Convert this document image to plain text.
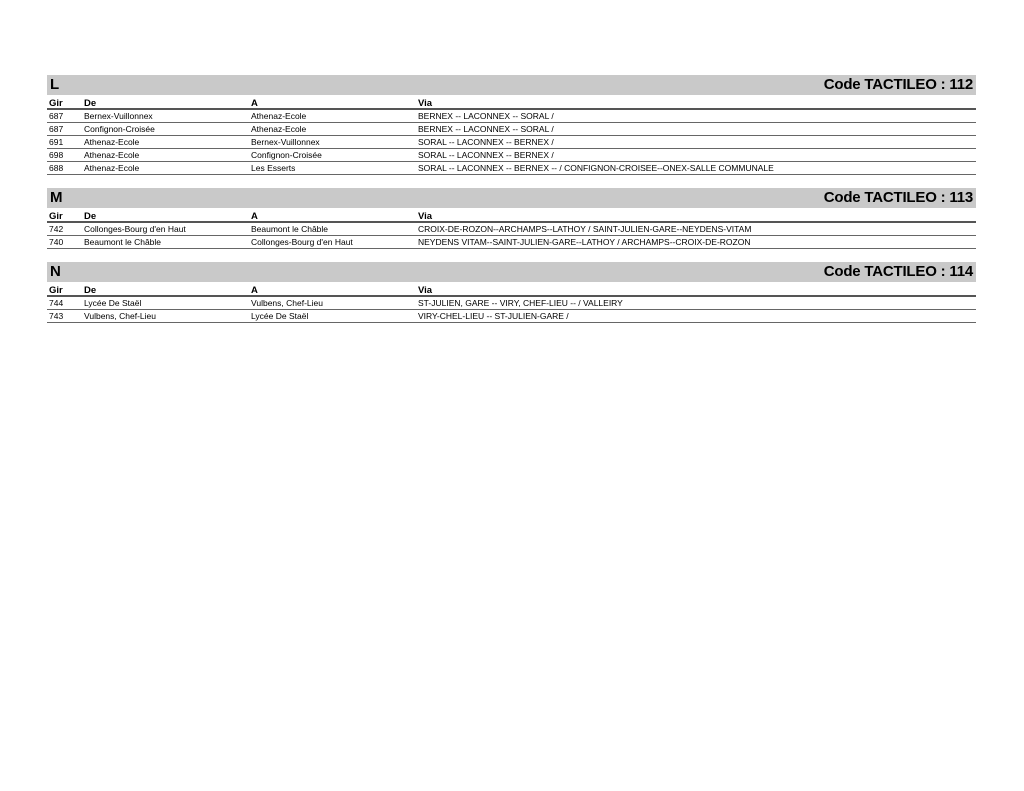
L	Code TACTILEO : 112
Gir	De	A	Via
687	Bernex-Vuillonnex	Athenaz-Ecole	BERNEX -- LACONNEX -- SORAL /
687	Confignon-Croisée	Athenaz-Ecole	BERNEX -- LACONNEX -- SORAL /
691	Athenaz-Ecole	Bernex-Vuillonnex	SORAL -- LACONNEX -- BERNEX /
698	Athenaz-Ecole	Confignon-Croisée	SORAL -- LACONNEX -- BERNEX /
688	Athenaz-Ecole	Les Esserts	SORAL -- LACONNEX -- BERNEX -- / CONFIGNON-CROISEE--ONEX-SALLE COMMUNALE
M	Code TACTILEO : 113
Gir	De	A	Via
742	Collonges-Bourg d'en Haut	Beaumont le Châble	CROIX-DE-ROZON--ARCHAMPS--LATHOY / SAINT-JULIEN-GARE--NEYDENS-VITAM
740	Beaumont le Châble	Collonges-Bourg d'en Haut	NEYDENS VITAM--SAINT-JULIEN-GARE--LATHOY / ARCHAMPS--CROIX-DE-ROZON
N	Code TACTILEO : 114
Gir	De	A	Via
744	Lycée De Staël	Vulbens, Chef-Lieu	ST-JULIEN, GARE -- VIRY, CHEF-LIEU -- / VALLEIRY
743	Vulbens, Chef-Lieu	Lycée De Staël	VIRY-CHEL-LIEU -- ST-JULIEN-GARE /
